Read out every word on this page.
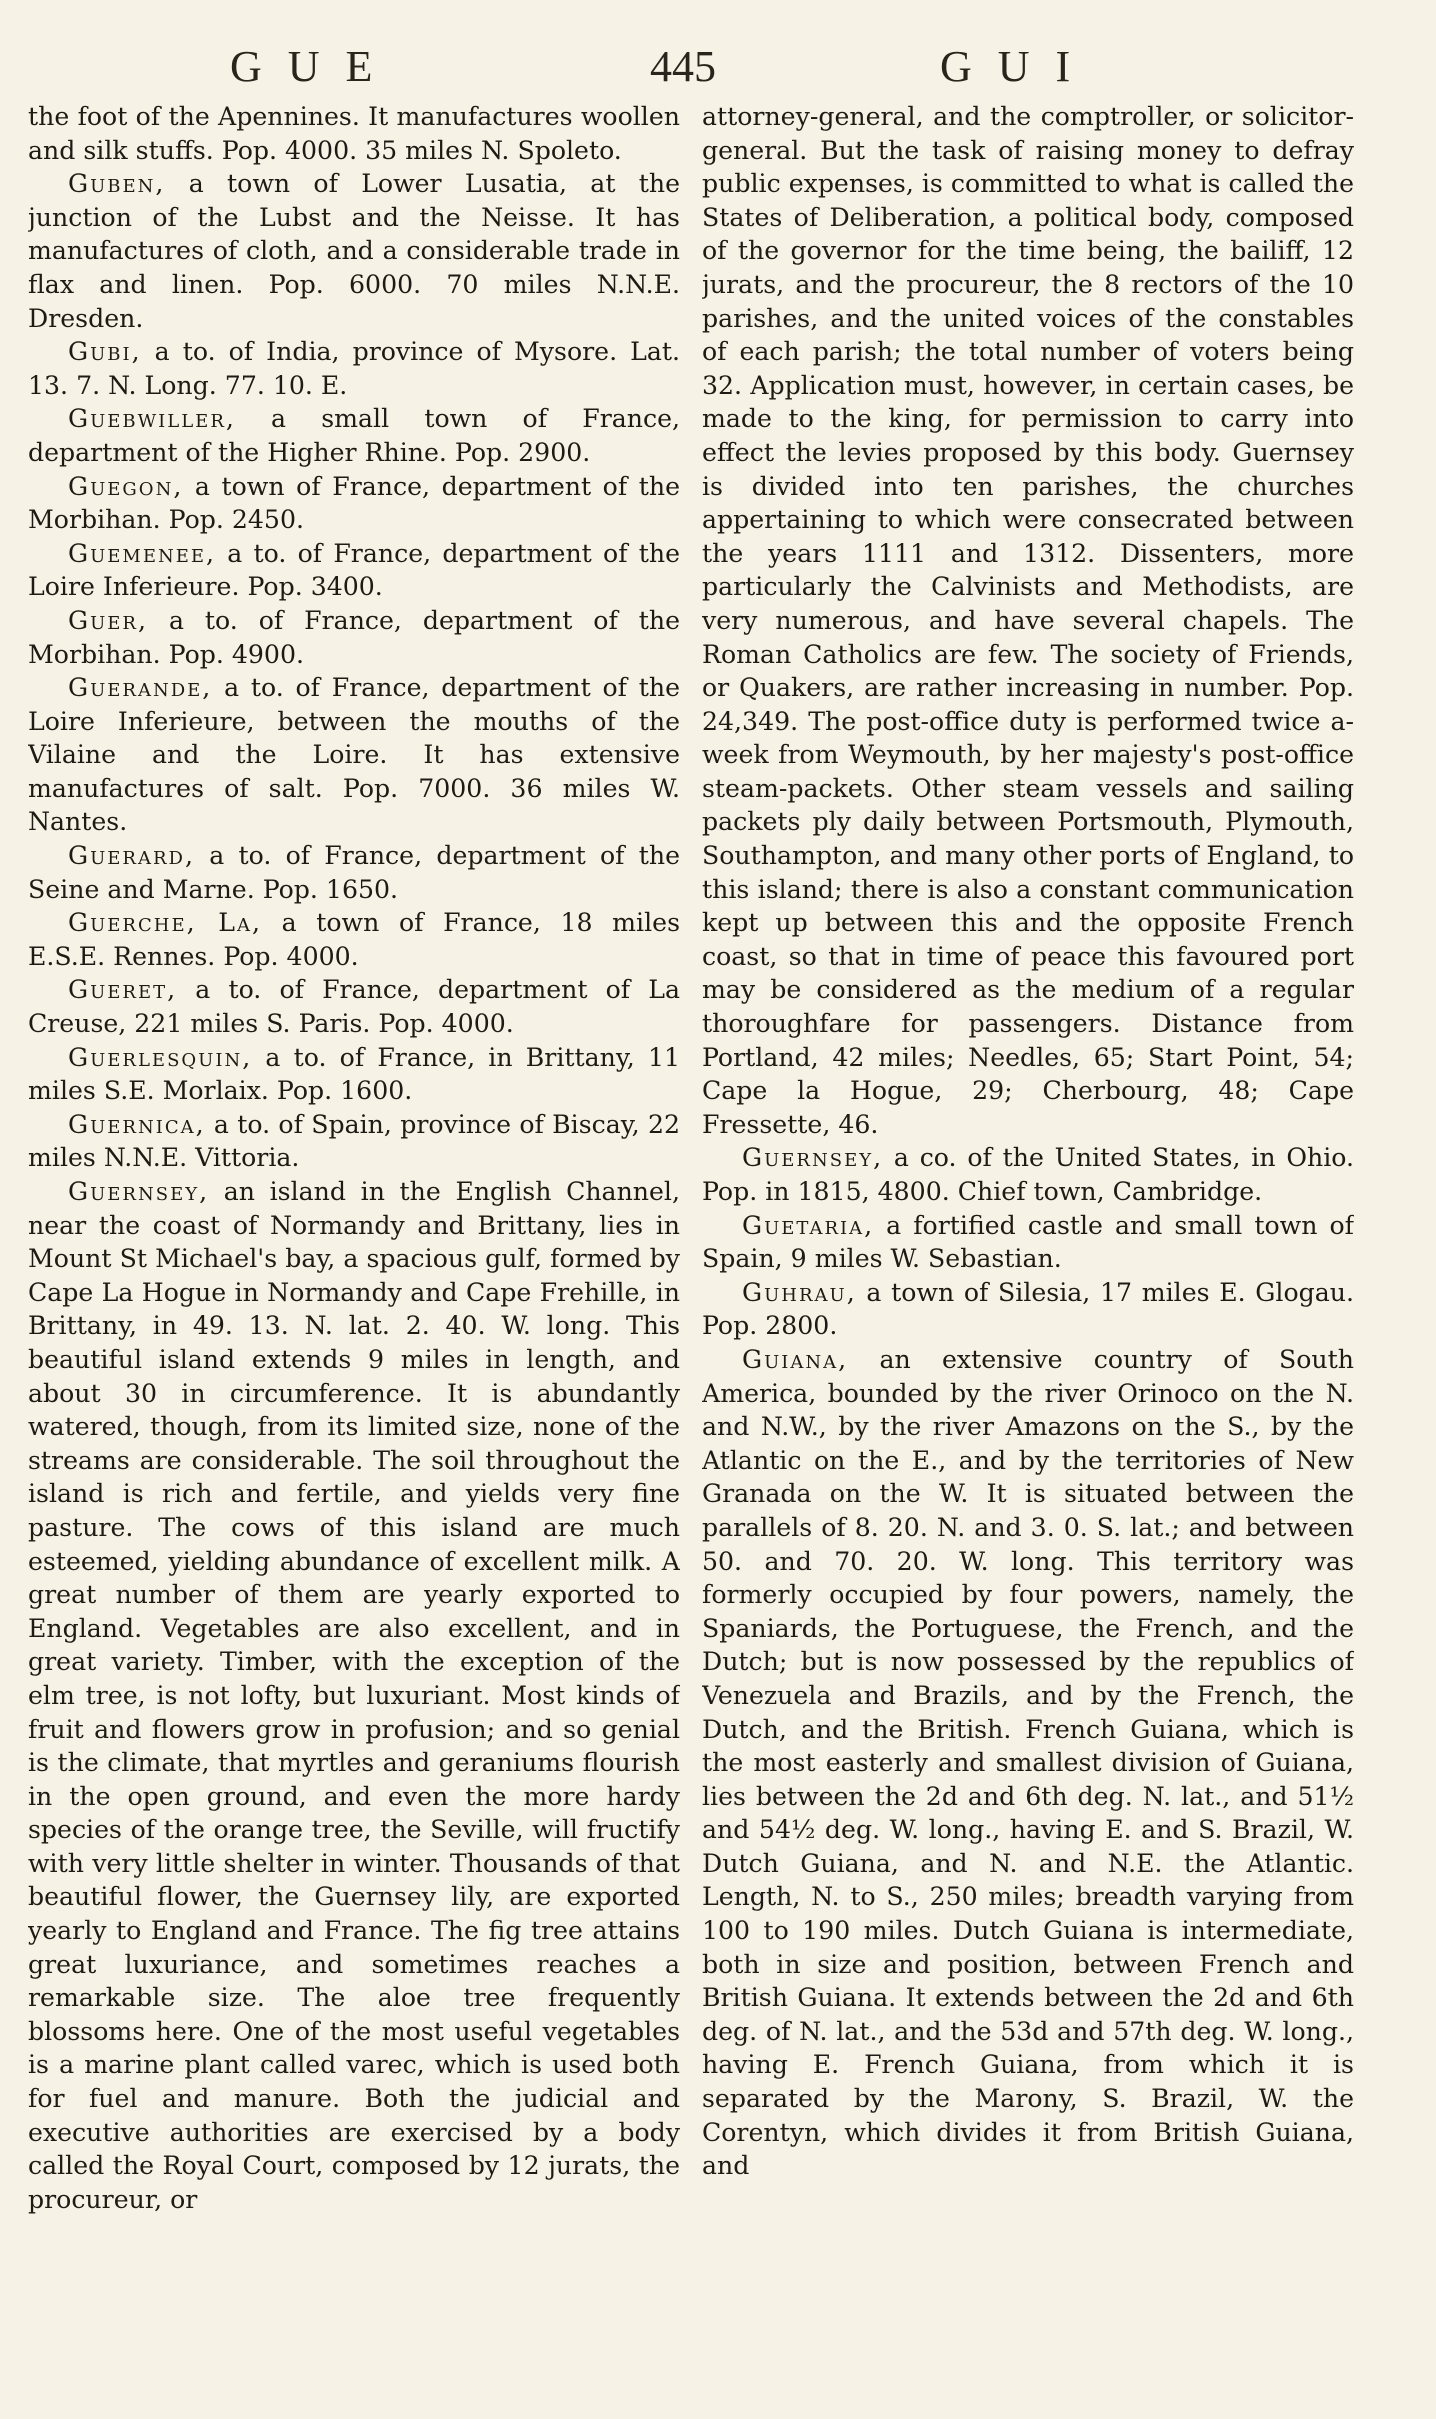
GUE	445	GUI

the foot of the Apennines. It manufactures woollen and silk stuffs. Pop. 4000. 35 miles N. Spoleto.

Guben, a town of Lower Lusatia, at the junction of the Lubst and the Neisse. It has manufactures of cloth, and a considerable trade in flax and linen. Pop. 6000. 70 miles N.N.E. Dresden.

Gubi, a to. of India, province of Mysore. Lat. 13. 7. N. Long. 77. 10. E.

Guebwiller, a small town of France, department of the Higher Rhine. Pop. 2900.

Guegon, a town of France, department of the Morbihan. Pop. 2450.

Guemenee, a to. of France, department of the Loire Inferieure. Pop. 3400.

Guer, a to. of France, department of the Morbihan. Pop. 4900.

Guerande, a to. of France, department of the Loire Inferieure, between the mouths of the Vilaine and the Loire. It has extensive manufactures of salt. Pop. 7000. 36 miles W. Nantes.

Guerard, a to. of France, department of the Seine and Marne. Pop. 1650.

Guerche, La, a town of France, 18 miles E.S.E. Rennes. Pop. 4000.

Gueret, a to. of France, department of La Creuse, 221 miles S. Paris. Pop. 4000.

Guerlesquin, a to. of France, in Brittany, 11 miles S.E. Morlaix. Pop. 1600.

Guernica, a to. of Spain, province of Biscay, 22 miles N.N.E. Vittoria.

Guernsey, an island in the English Channel, near the coast of Normandy and Brittany, lies in Mount St Michael's bay, a spacious gulf, formed by Cape La Hogue in Normandy and Cape Frehille, in Brittany, in 49. 13. N. lat. 2. 40. W. long. This beautiful island extends 9 miles in length, and about 30 in circumference. It is abundantly watered, though, from its limited size, none of the streams are considerable. The soil throughout the island is rich and fertile, and yields very fine pasture. The cows of this island are much esteemed, yielding abundance of excellent milk. A great number of them are yearly exported to England. Vegetables are also excellent, and in great variety. Timber, with the exception of the elm tree, is not lofty, but luxuriant. Most kinds of fruit and flowers grow in profusion; and so genial is the climate, that myrtles and geraniums flourish in the open ground, and even the more hardy species of the orange tree, the Seville, will fructify with very little shelter in winter. Thousands of that beautiful flower, the Guernsey lily, are exported yearly to England and France. The fig tree attains great luxuriance, and sometimes reaches a remarkable size. The aloe tree frequently blossoms here. One of the most useful vegetables is a marine plant called varec, which is used both for fuel and manure. Both the judicial and executive authorities are exercised by a body called the Royal Court, composed by 12 jurats, the procureur, or

attorney-general, and the comptroller, or solicitor-general. But the task of raising money to defray public expenses, is committed to what is called the States of Deliberation, a political body, composed of the governor for the time being, the bailiff, 12 jurats, and the procureur, the 8 rectors of the 10 parishes, and the united voices of the constables of each parish; the total number of voters being 32. Application must, however, in certain cases, be made to the king, for permission to carry into effect the levies proposed by this body. Guernsey is divided into ten parishes, the churches appertaining to which were consecrated between the years 1111 and 1312. Dissenters, more particularly the Calvinists and Methodists, are very numerous, and have several chapels. The Roman Catholics are few. The society of Friends, or Quakers, are rather increasing in number. Pop. 24,349. The post-office duty is performed twice a-week from Weymouth, by her majesty's post-office steam-packets. Other steam vessels and sailing packets ply daily between Portsmouth, Plymouth, Southampton, and many other ports of England, to this island; there is also a constant communication kept up between this and the opposite French coast, so that in time of peace this favoured port may be considered as the medium of a regular thoroughfare for passengers. Distance from Portland, 42 miles; Needles, 65; Start Point, 54; Cape la Hogue, 29; Cherbourg, 48; Cape Fressette, 46.

Guernsey, a co. of the United States, in Ohio. Pop. in 1815, 4800. Chief town, Cambridge.

Guetaria, a fortified castle and small town of Spain, 9 miles W. Sebastian.

Guhrau, a town of Silesia, 17 miles E. Glogau. Pop. 2800.

Guiana, an extensive country of South America, bounded by the river Orinoco on the N. and N.W., by the river Amazons on the S., by the Atlantic on the E., and by the territories of New Granada on the W. It is situated between the parallels of 8. 20. N. and 3. 0. S. lat.; and between 50. and 70. 20. W. long. This territory was formerly occupied by four powers, namely, the Spaniards, the Portuguese, the French, and the Dutch; but is now possessed by the republics of Venezuela and Brazils, and by the French, the Dutch, and the British. French Guiana, which is the most easterly and smallest division of Guiana, lies between the 2d and 6th deg. N. lat., and 51½ and 54½ deg. W. long., having E. and S. Brazil, W. Dutch Guiana, and N. and N.E. the Atlantic. Length, N. to S., 250 miles; breadth varying from 100 to 190 miles. Dutch Guiana is intermediate, both in size and position, between French and British Guiana. It extends between the 2d and 6th deg. of N. lat., and the 53d and 57th deg. W. long., having E. French Guiana, from which it is separated by the Marony, S. Brazil, W. the Corentyn, which divides it from British Guiana, and
